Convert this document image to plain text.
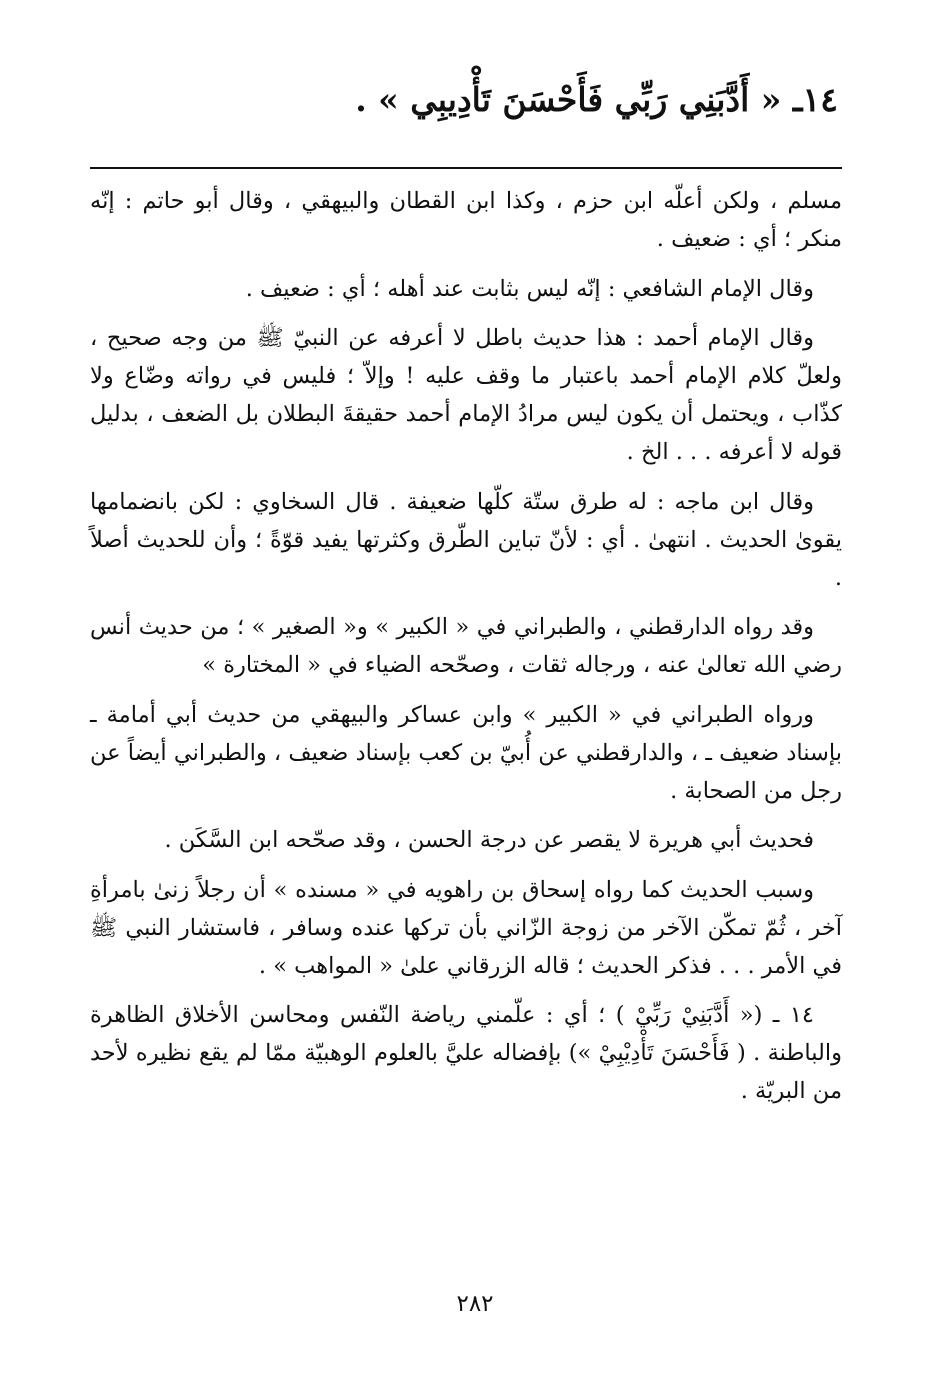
١٤ـ « أَدَّبَنِي رَبِّي فَأَحْسَنَ تَأْدِيبِي » .

مسلم ، ولكن أعلّه ابن حزم ، وكذا ابن القطان والبيهقي ، وقال أبو حاتم : إنّه منكر ؛ أي : ضعيف .

وقال الإمام الشافعي : إنّه ليس بثابت عند أهله ؛ أي : ضعيف .

وقال الإمام أحمد : هذا حديث باطل لا أعرفه عن النبيّ ﷺ من وجه صحيح ، ولعلّ كلام الإمام أحمد باعتبار ما وقف عليه ! وإلاّ ؛ فليس في رواته وضّاع ولا كذّاب ، ويحتمل أن يكون ليس مرادُ الإمام أحمد حقيقةَ البطلان بل الضعف ، بدليل قوله لا أعرفه . . . الخ .

وقال ابن ماجه : له طرق ستّة كلّها ضعيفة . قال السخاوي : لكن بانضمامها يقوىٰ الحديث . انتهىٰ . أي : لأنّ تباين الطّرق وكثرتها يفيد قوّةً ؛ وأن للحديث أصلاً .

وقد رواه الدارقطني ، والطبراني في « الكبير » و« الصغير » ؛ من حديث أنس رضي الله تعالىٰ عنه ، ورجاله ثقات ، وصحّحه الضياء في « المختارة »

ورواه الطبراني في « الكبير » وابن عساكر والبيهقي من حديث أبي أمامة ـ بإسناد ضعيف ـ ، والدارقطني عن أُبيّ بن كعب بإسناد ضعيف ، والطبراني أيضاً عن رجل من الصحابة .

فحديث أبي هريرة لا يقصر عن درجة الحسن ، وقد صحّحه ابن السَّكَن .

وسبب الحديث كما رواه إسحاق بن راهويه في « مسنده » أن رجلاً زنىٰ بامرأةِ آخر ، ثُمّ تمكّن الآخر من زوجة الزّاني بأن تركها عنده وسافر ، فاستشار النبي ﷺ في الأمر . . . فذكر الحديث ؛ قاله الزرقاني علىٰ « المواهب » .

١٤ ـ (« أَدَّبَنِيْ رَبِّيْ ) ؛ أي : علّمني رياضة النّفس ومحاسن الأخلاق الظاهرة والباطنة . ( فَأَحْسَنَ تَأْدِيْبِيْ ») بإفضاله عليَّ بالعلوم الوهبيّة ممّا لم يقع نظيره لأحد من البريّة .

٢٨٢
